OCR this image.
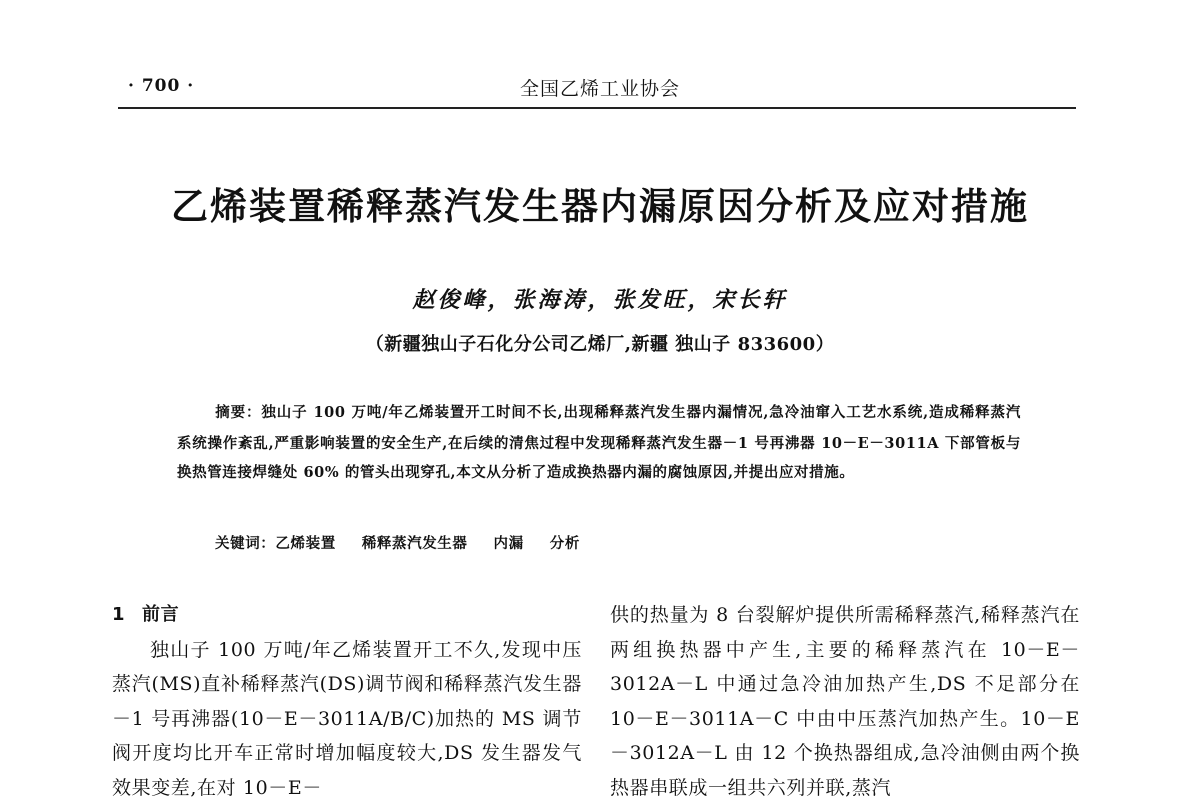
· 700 ·	全国乙烯工业协会
乙烯装置稀释蒸汽发生器内漏原因分析及应对措施
赵俊峰，张海涛，张发旺，宋长轩
（新疆独山子石化分公司乙烯厂,新疆 独山子 833600）
摘要：独山子 100 万吨/年乙烯装置开工时间不长,出现稀释蒸汽发生器内漏情况,急冷油窜入工艺水系统,造成稀释蒸汽系统操作紊乱,严重影响装置的安全生产,在后续的清焦过程中发现稀释蒸汽发生器－1 号再沸器 10－E－3011A 下部管板与换热管连接焊缝处 60% 的管头出现穿孔,本文从分析了造成换热器内漏的腐蚀原因,并提出应对措施。
关键词：乙烯装置 稀释蒸汽发生器 内漏 分析

1 前言

独山子 100 万吨/年乙烯装置开工不久,发现中压蒸汽(MS)直补稀释蒸汽(DS)调节阀和稀释蒸汽发生器－1 号再沸器(10－E－3011A/B/C)加热的 MS 调节阀开度均比开车正常时增加幅度较大,DS 发生器发气效果变差,在对 10－E－

供的热量为 8 台裂解炉提供所需稀释蒸汽,稀释蒸汽在两组换热器中产生,主要的稀释蒸汽在 10－E－3012A－L 中通过急冷油加热产生,DS 不足部分在 10－E－3011A－C 中由中压蒸汽加热产生。10－E－3012A－L 由 12 个换热器组成,急冷油侧由两个换热器串联成一组共六列并联,蒸汽
